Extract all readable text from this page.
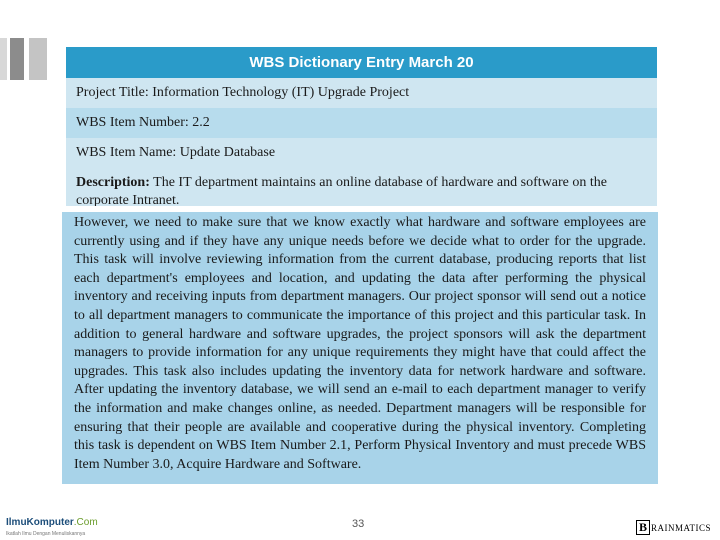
WBS Dictionary Entry March 20
Project Title: Information Technology (IT) Upgrade Project
WBS Item Number: 2.2
WBS Item Name: Update Database
Description: The IT department maintains an online database of hardware and software on the corporate Intranet.
However, we need to make sure that we know exactly what hardware and software employees are currently using and if they have any unique needs before we decide what to order for the upgrade. This task will involve reviewing information from the current database, producing reports that list each department's employees and location, and updating the data after performing the physical inventory and receiving inputs from department managers. Our project sponsor will send out a notice to all department managers to communicate the importance of this project and this particular task. In addition to general hardware and software upgrades, the project sponsors will ask the department managers to provide information for any unique requirements they might have that could affect the upgrades. This task also includes updating the inventory data for network hardware and software. After updating the inventory database, we will send an e-mail to each department manager to verify the information and make changes online, as needed. Department managers will be responsible for ensuring that their people are available and cooperative during the physical inventory. Completing this task is dependent on WBS Item Number 2.1, Perform Physical Inventory and must precede WBS Item Number 3.0, Acquire Hardware and Software.
IlmuKomputer.Com
Ikatlah Ilmu Dengan Menuliskannya
33	B RAINMATICS
